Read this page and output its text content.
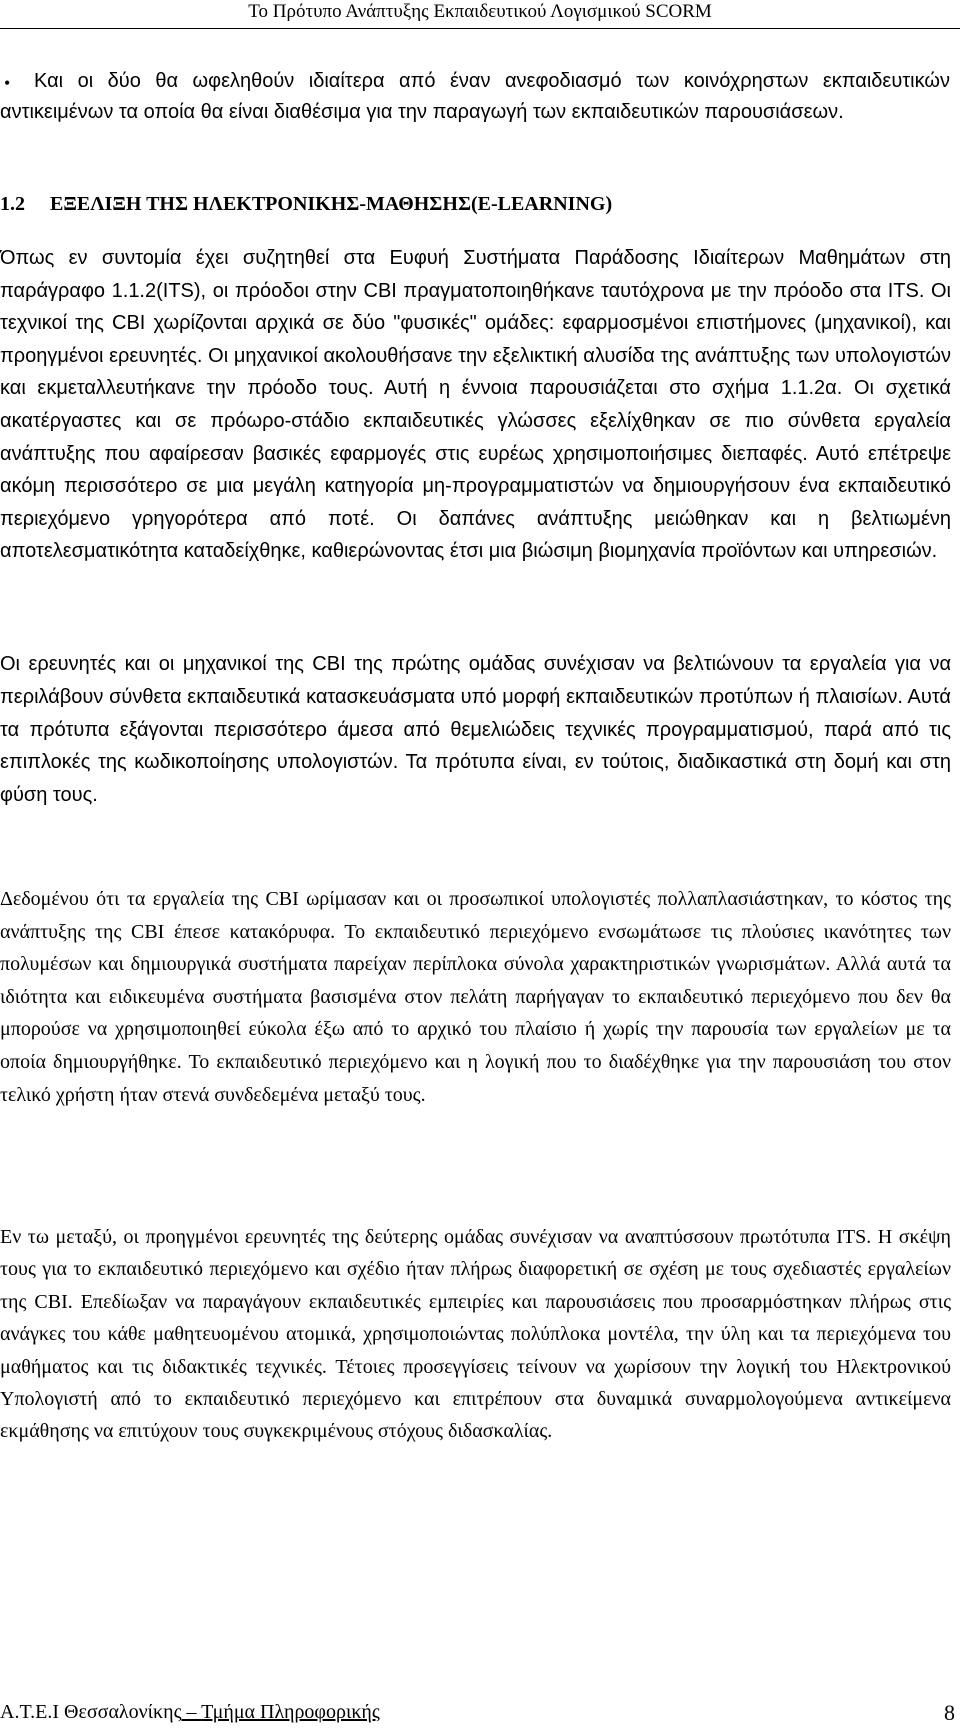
Το Πρότυπο Ανάπτυξης Εκπαιδευτικού Λογισμικού SCORM
•	Και οι δύο θα ωφεληθούν ιδιαίτερα από έναν ανεφοδιασμό των κοινόχρηστων εκπαιδευτικών αντικειμένων τα οποία θα είναι διαθέσιμα για την παραγωγή των εκπαιδευτικών παρουσιάσεων.

1.2 ΕΞΕΛΙΞΗ ΤΗΣ ΗΛΕΚΤΡΟΝΙΚΗΣ-ΜΑΘΗΣΗΣ(E-LEARNING)

Όπως εν συντομία έχει συζητηθεί στα Ευφυή Συστήματα Παράδοσης Ιδιαίτερων Μαθημάτων στη παράγραφο 1.1.2(ITS), οι πρόοδοι στην CBI πραγματοποιηθήκανε ταυτόχρονα με την πρόοδο στα ITS. Οι τεχνικοί της CBI χωρίζονται αρχικά σε δύο "φυσικές" ομάδες: εφαρμοσμένοι επιστήμονες (μηχανικοί), και προηγμένοι ερευνητές. Οι μηχανικοί ακολουθήσανε την εξελικτική αλυσίδα της ανάπτυξης των υπολογιστών και εκμεταλλευτήκανε την πρόοδο τους. Αυτή η έννοια παρουσιάζεται στο σχήμα 1.1.2α. Οι σχετικά ακατέργαστες και σε πρόωρο-στάδιο εκπαιδευτικές γλώσσες εξελίχθηκαν σε πιο σύνθετα εργαλεία ανάπτυξης που αφαίρεσαν βασικές εφαρμογές στις ευρέως χρησιμοποιήσιμες διεπαφές. Αυτό επέτρεψε ακόμη περισσότερο σε μια μεγάλη κατηγορία μη-προγραμματιστών να δημιουργήσουν ένα εκπαιδευτικό περιεχόμενο γρηγορότερα από ποτέ. Οι δαπάνες ανάπτυξης μειώθηκαν και η βελτιωμένη αποτελεσματικότητα καταδείχθηκε, καθιερώνοντας έτσι μια βιώσιμη βιομηχανία προϊόντων και υπηρεσιών.

Οι ερευνητές και οι μηχανικοί της CBI της πρώτης ομάδας συνέχισαν να βελτιώνουν τα εργαλεία για να περιλάβουν σύνθετα εκπαιδευτικά κατασκευάσματα υπό μορφή εκπαιδευτικών προτύπων ή πλαισίων. Αυτά τα πρότυπα εξάγονται περισσότερο άμεσα από θεμελιώδεις τεχνικές προγραμματισμού, παρά από τις επιπλοκές της κωδικοποίησης υπολογιστών. Τα πρότυπα είναι, εν τούτοις, διαδικαστικά στη δομή και στη φύση τους.

Δεδομένου ότι τα εργαλεία της CBI ωρίμασαν και οι προσωπικοί υπολογιστές πολλαπλασιάστηκαν, το κόστος της ανάπτυξης της CBI έπεσε κατακόρυφα. Το εκπαιδευτικό περιεχόμενο ενσωμάτωσε τις πλούσιες ικανότητες των πολυμέσων και δημιουργικά συστήματα παρείχαν περίπλοκα σύνολα χαρακτηριστικών γνωρισμάτων. Αλλά αυτά τα ιδιότητα και ειδικευμένα συστήματα βασισμένα στον πελάτη παρήγαγαν το εκπαιδευτικό περιεχόμενο που δεν θα μπορούσε να χρησιμοποιηθεί εύκολα έξω από το αρχικό του πλαίσιο ή χωρίς την παρουσία των εργαλείων με τα οποία δημιουργήθηκε. Το εκπαιδευτικό περιεχόμενο και η λογική που το διαδέχθηκε για την παρουσιάση του στον τελικό χρήστη ήταν στενά συνδεδεμένα μεταξύ τους.

Εν τω μεταξύ, οι προηγμένοι ερευνητές της δεύτερης ομάδας συνέχισαν να αναπτύσσουν πρωτότυπα ITS. Η σκέψη τους για το εκπαιδευτικό περιεχόμενο και σχέδιο ήταν πλήρως διαφορετική σε σχέση με τους σχεδιαστές εργαλείων της CBI. Επεδίωξαν να παραγάγουν εκπαιδευτικές εμπειρίες και παρουσιάσεις που προσαρμόστηκαν πλήρως στις ανάγκες του κάθε μαθητευομένου ατομικά, χρησιμοποιώντας πολύπλοκα μοντέλα, την ύλη και τα περιεχόμενα του μαθήματος και τις διδακτικές τεχνικές. Τέτοιες προσεγγίσεις τείνουν να χωρίσουν την λογική του Ηλεκτρονικού Υπολογιστή από το εκπαιδευτικό περιεχόμενο και επιτρέπουν στα δυναμικά συναρμολογούμενα αντικείμενα εκμάθησης να επιτύχουν τους συγκεκριμένους στόχους διδασκαλίας.

Α.Τ.Ε.Ι Θεσσαλονίκης – Τμήμα Πληροφορικής	8
